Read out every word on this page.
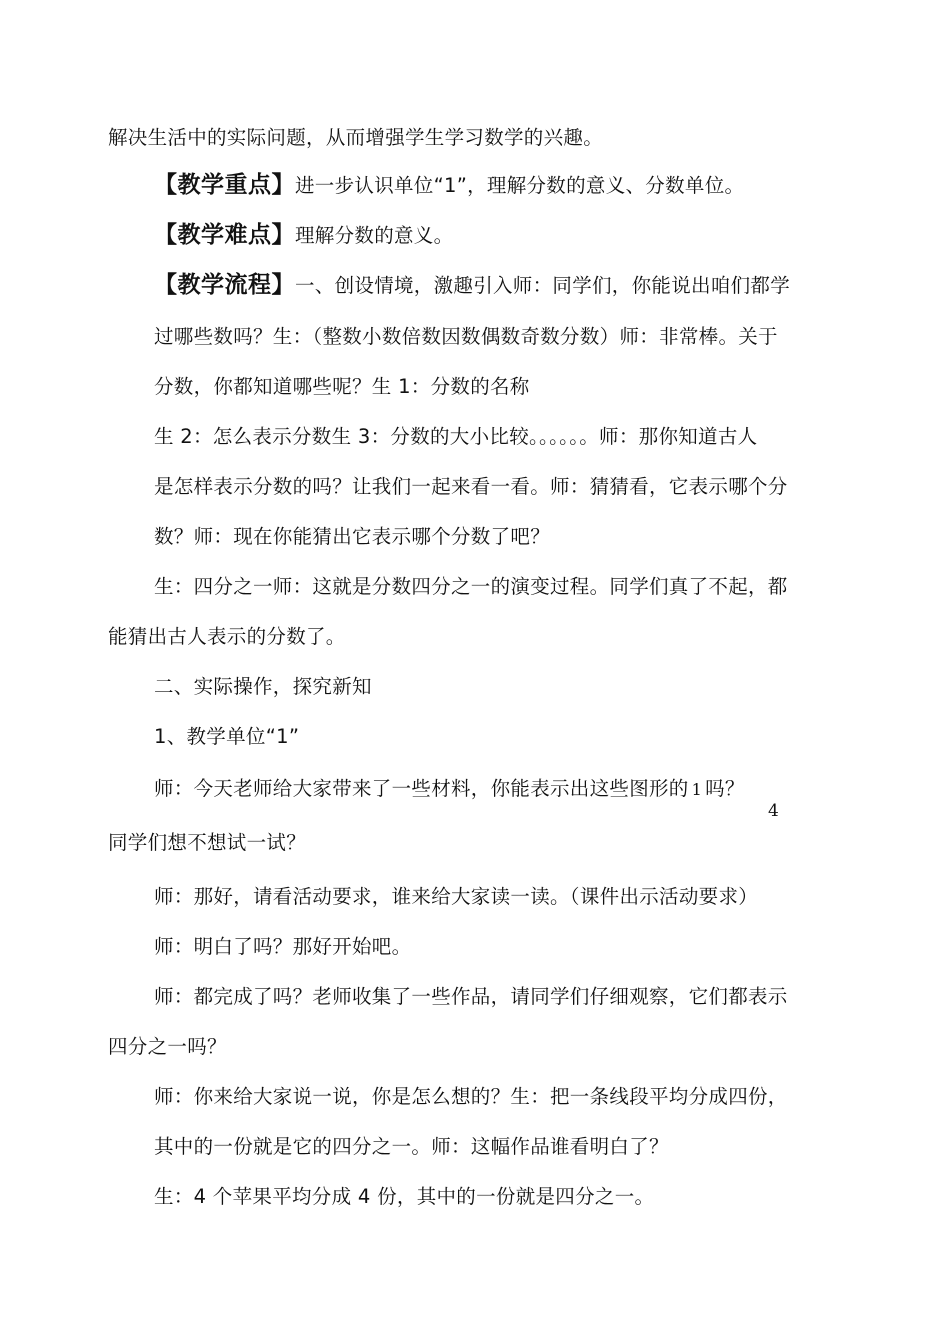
解决生活中的实际问题，从而增强学生学习数学的兴趣。
【教学重点】进一步认识单位“1”，理解分数的意义、分数单位。
【教学难点】理解分数的意义。
【教学流程】一、创设情境，激趣引入师：同学们，你能说出咱们都学
过哪些数吗？生：（整数小数倍数因数偶数奇数分数）师：非常棒。关于
分数，你都知道哪些呢？生 1：分数的名称
生 2：怎么表示分数生 3：分数的大小比较。。。。。。师：那你知道古人
是怎样表示分数的吗？让我们一起来看一看。师：猜猜看，它表示哪个分
数？师：现在你能猜出它表示哪个分数了吧？
生：四分之一师：这就是分数四分之一的演变过程。同学们真了不起，都
能猜出古人表示的分数了。
二、实际操作，探究新知
1、教学单位“1”
师：今天老师给大家带来了一些材料，你能表示出这些图形的 1 吗？
4
同学们想不想试一试？
师：那好，请看活动要求，谁来给大家读一读。（课件出示活动要求）
师：明白了吗？那好开始吧。
师：都完成了吗？老师收集了一些作品，请同学们仔细观察，它们都表示
四分之一吗？
师：你来给大家说一说，你是怎么想的？生：把一条线段平均分成四份，
其中的一份就是它的四分之一。师：这幅作品谁看明白了？
生：4 个苹果平均分成 4 份，其中的一份就是四分之一。
